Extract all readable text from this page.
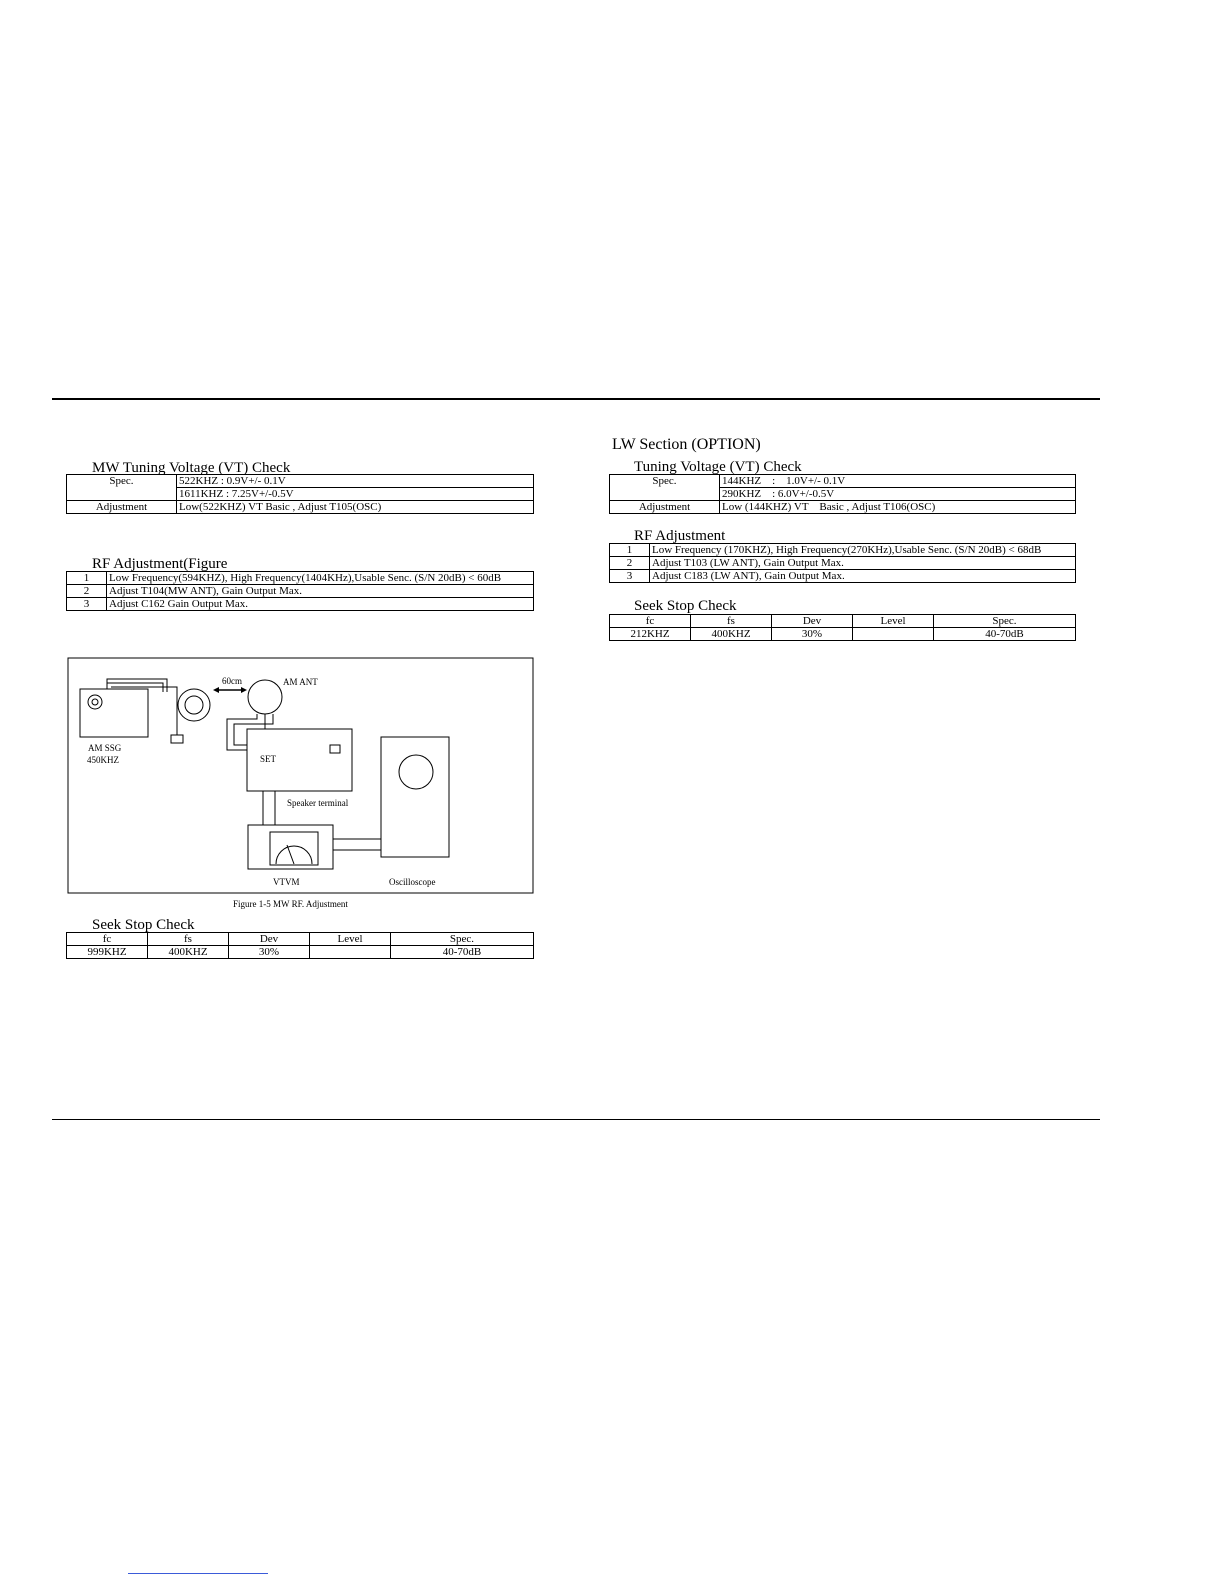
MW Tuning Voltage (VT) Check
Spec.	522KHZ : 0.9V+/- 0.1V
	1611KHZ : 7.25V+/-0.5V
Adjustment	Low(522KHZ) VT Basic , Adjust T105(OSC)
RF Adjustment(Figure
1	Low Frequency(594KHZ), High Frequency(1404KHz),Usable Senc. (S/N 20dB) < 60dB
2	Adjust T104(MW ANT), Gain Output Max.
3	Adjust C162 Gain Output Max.
60cm	AM ANT
SET
Speaker terminal
VTVM	Oscilloscope
AM SSG
450KHZ
Figure 1-5 MW RF. Adjustment
Seek Stop Check
fc	fs	Dev	Level	Spec.
999KHZ	400KHZ	30%		40-70dB
LW Section (OPTION)
Tuning Voltage (VT) Check
Spec.	144KHZ    :    1.0V+/- 0.1V
	290KHZ    : 6.0V+/-0.5V
Adjustment	Low (144KHZ) VT    Basic , Adjust T106(OSC)
RF Adjustment
1	Low Frequency (170KHZ), High Frequency(270KHz),Usable Senc. (S/N 20dB) < 68dB
2	Adjust T103 (LW ANT), Gain Output Max.
3	Adjust C183 (LW ANT), Gain Output Max.
Seek Stop Check
fc	fs	Dev	Level	Spec.
212KHZ	400KHZ	30%		40-70dB
